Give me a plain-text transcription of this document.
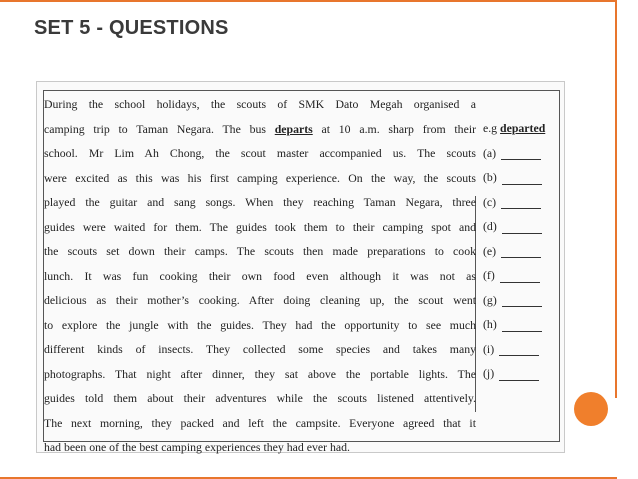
SET 5 - QUESTIONS
During the school holidays, the scouts of SMK Dato Megah organised a
camping trip to Taman Negara. The bus departs at 10 a.m. sharp from their
school. Mr Lim Ah Chong, the scout master accompanied us. The scouts
were excited as this was his first camping experience. On the way, the scouts
played the guitar and sang songs. When they reaching Taman Negara, three
guides were waited for them. The guides took them to their camping spot and
the scouts set down their camps. The scouts then made preparations to cook
lunch. It was fun cooking their own food even although it was not as
delicious as their mother’s cooking. After doing cleaning up, the scout went
to explore the jungle with the guides. They had the opportunity to see much
different kinds of insects. They collected some species and takes many
photographs. That night after dinner, they sat above the portable lights. The
guides told them about their adventures while the scouts listened attentively.
The next morning, they packed and left the campsite. Everyone agreed that it
had been one of the best camping experiences they had ever had.
e.g departed
(a)
(b)
(c)
(d)
(e)
(f)
(g)
(h)
(i)
(j)
